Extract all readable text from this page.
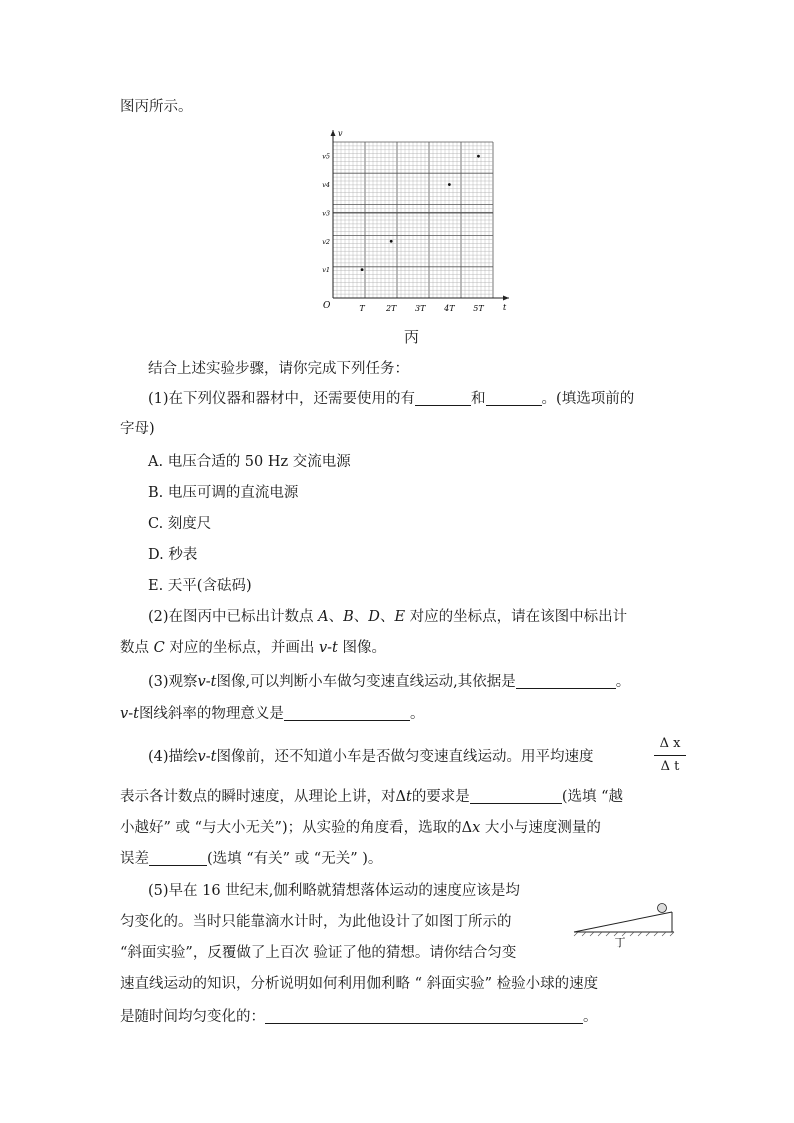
图丙所示。
v
t
O	T	2T 3T 4T 5T
v1
v2
v3
v4
v5
丙
结合上述实验步骤，请你完成下列任务：
(1)在下列仪器和器材中，还需要使用的有	和	。(填选项前的
字母)
A. 电压合适的 50 Hz 交流电源
B. 电压可调的直流电源
C. 刻度尺
D. 秒表
E. 天平(含砝码)
(2)在图丙中已标出计数点 A、B、D、E 对应的坐标点，请在该图中标出计
数点 C 对应的坐标点，并画出 v-t 图像。
(3)观察v-t图像,可以判断小车做匀变速直线运动,其依据是	。
v-t图线斜率的物理意义是	。
(4)描绘v-t图像前，还不知道小车是否做匀变速直线运动。用平均速度
Δ x
Δ t
表示各计数点的瞬时速度，从理论上讲，对Δt的要求是	(选填 “越
小越好” 或 “与大小无关”)；从实验的角度看，选取的Δx 大小与速度测量的
误差	(选填 “有关” 或 “无关” )。
(5)早在 16 世纪末,伽利略就猜想落体运动的速度应该是均
匀变化的。当时只能靠滴水计时，为此他设计了如图丁所示的
“斜面实验”，反覆做了上百次 验证了他的猜想。请你结合匀变
速直线运动的知识，分析说明如何利用伽利略 “ 斜面实验” 检验小球的速度
是随时间均匀变化的：	。
丁
